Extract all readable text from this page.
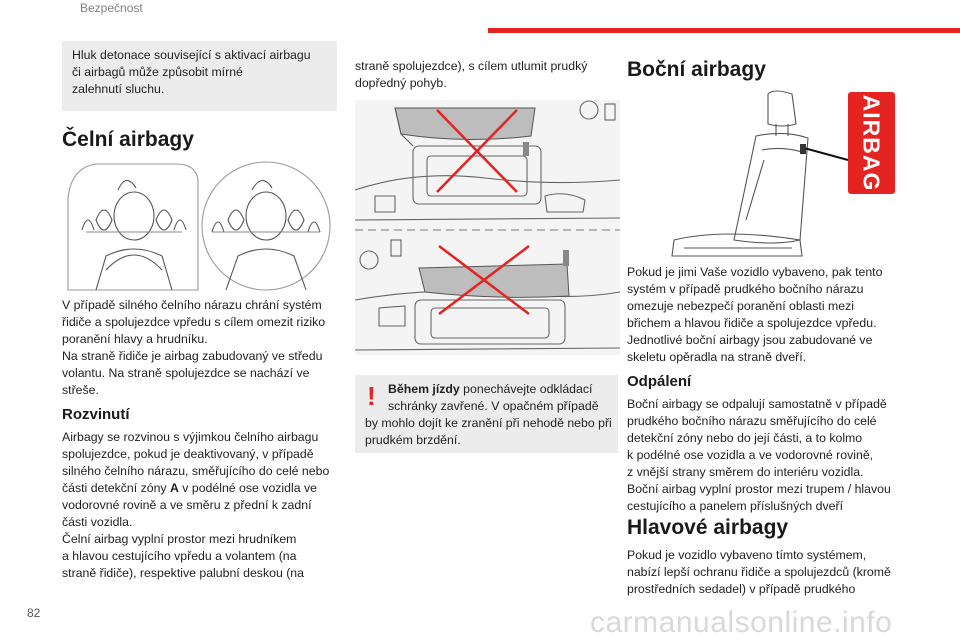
Bezpečnost

Hluk detonace související s aktivací airbagu
či airbagů může způsobit mírné
zalehnutí sluchu.

Čelní airbagy

V případě silného čelního nárazu chrání systém
řidiče a spolujezdce vpředu s cílem omezit riziko
poranění hlavy a hrudníku.
Na straně řidiče je airbag zabudovaný ve středu
volantu. Na straně spolujezdce se nachází ve
střeše.

Rozvinutí

Airbagy se rozvinou s výjimkou čelního airbagu
spolujezdce, pokud je deaktivovaný, v případě
silného čelního nárazu, směřujícího do celé nebo
části detekční zóny A v podélné ose vozidla ve
vodorovné rovině a ve směru z přední k zadní
části vozidla.
Čelní airbag vyplní prostor mezi hrudníkem
a hlavou cestujícího vpředu a volantem (na
straně řidiče), respektive palubní deskou (na

straně spolujezdce), s cílem utlumit prudký
dopředný pohyb.

! Během jízdy ponechávejte odkládací
schránky zavřené. V opačném případě

by mohlo dojít ke zranění při nehodě nebo při
prudkém brzdění.

Boční airbagy

AIRBAG

Pokud je jimi Vaše vozidlo vybaveno, pak tento
systém v případě prudkého bočního nárazu
omezuje nebezpečí poranění oblasti mezi
břichem a hlavou řidiče a spolujezdce vpředu.
Jednotlivé boční airbagy jsou zabudované ve
skeletu opěradla na straně dveří.

Odpálení

Boční airbagy se odpalují samostatně v případě
prudkého bočního nárazu směřujícího do celé
detekční zóny nebo do její části, a to kolmo
k podélné ose vozidla a ve vodorovné rovině,
z vnější strany směrem do interiéru vozidla.
Boční airbag vyplní prostor mezi trupem / hlavou
cestujícího a panelem příslušných dveří

Hlavové airbagy

Pokud je vozidlo vybaveno tímto systémem,
nabízí lepší ochranu řidiče a spolujezdců (kromě
prostředních sedadel) v případě prudkého

82	carmanualsonline.info
